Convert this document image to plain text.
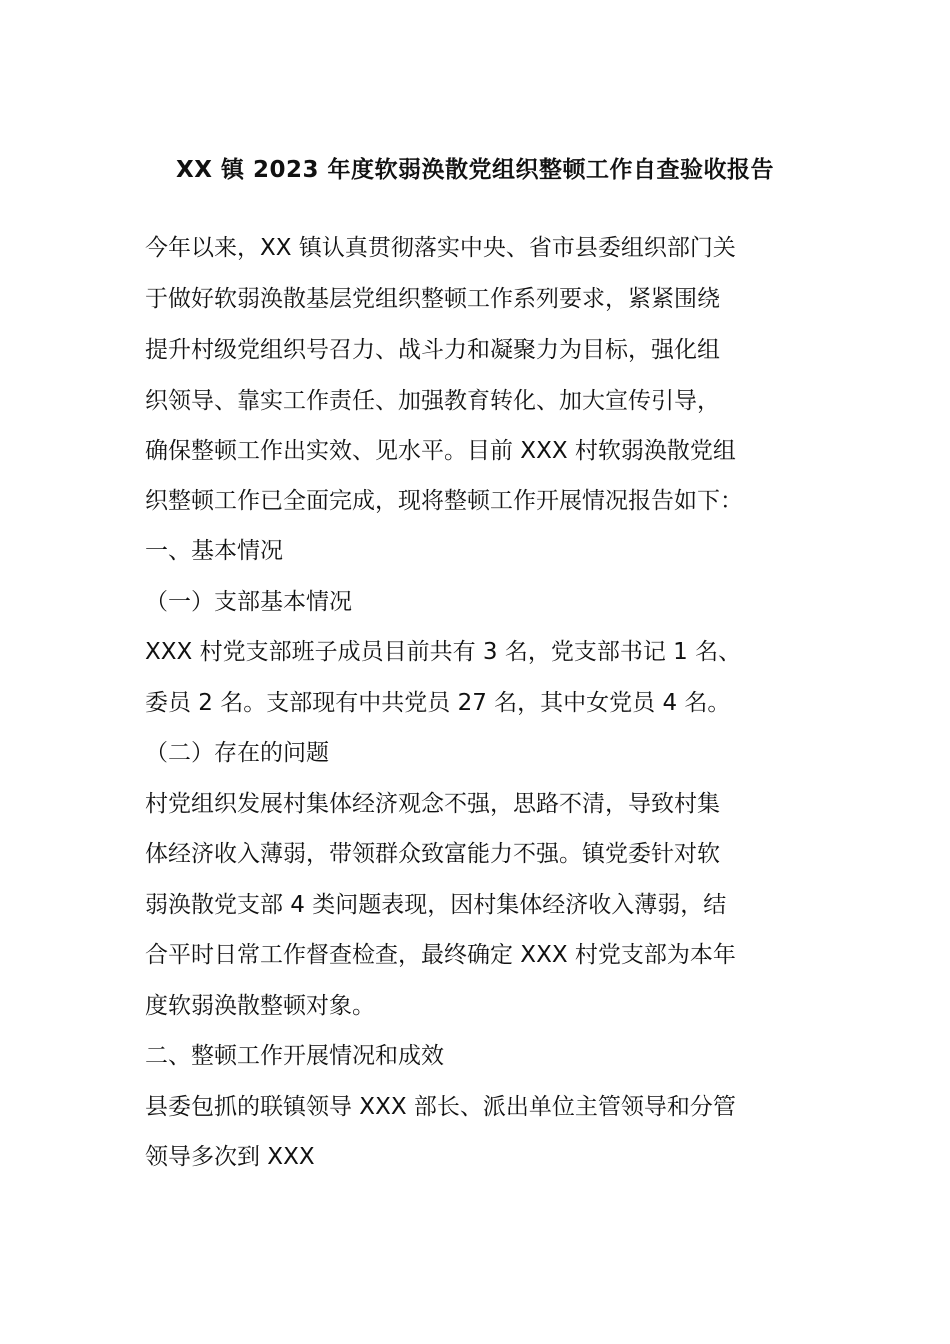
XX 镇 2023 年度软弱涣散党组织整顿工作自查验收报告

今年以来，XX 镇认真贯彻落实中央、省市县委组织部门关

于做好软弱涣散基层党组织整顿工作系列要求，紧紧围绕

提升村级党组织号召力、战斗力和凝聚力为目标，强化组

织领导、靠实工作责任、加强教育转化、加大宣传引导，

确保整顿工作出实效、见水平。目前 XXX 村软弱涣散党组

织整顿工作已全面完成，现将整顿工作开展情况报告如下：

一、基本情况

（一）支部基本情况

XXX 村党支部班子成员目前共有 3 名，党支部书记 1 名、

委员 2 名。支部现有中共党员 27 名，其中女党员 4 名。

（二）存在的问题

村党组织发展村集体经济观念不强，思路不清，导致村集

体经济收入薄弱，带领群众致富能力不强。镇党委针对软

弱涣散党支部 4 类问题表现，因村集体经济收入薄弱，结

合平时日常工作督查检查，最终确定 XXX 村党支部为本年

度软弱涣散整顿对象。

二、整顿工作开展情况和成效

县委包抓的联镇领导 XXX 部长、派出单位主管领导和分管

领导多次到 XXX
